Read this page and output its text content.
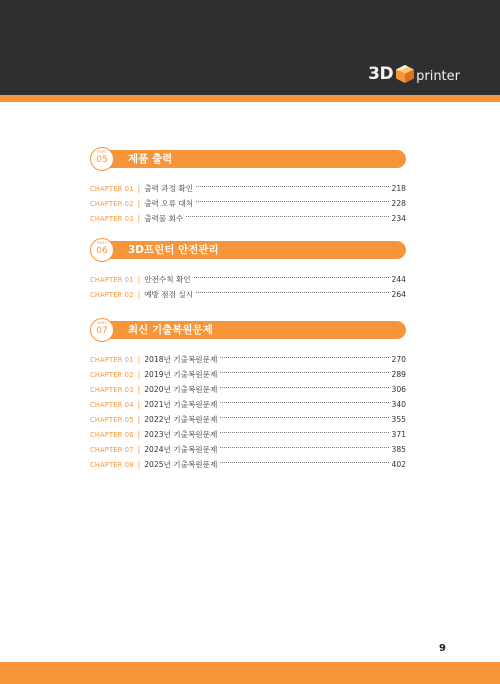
3D printer
PART
05	제품 출력
CHAPTER 01 | 출력 과정 확인	218
CHAPTER 02 | 출력 오류 대처	228
CHAPTER 03 | 출력물 회수	234
PART
06	3D프린터 안전관리
CHAPTER 01 | 안전수칙 확인	244
CHAPTER 02 | 예방 점검 실시	264
PART
07	최신 기출복원문제
CHAPTER 01 | 2018년 기출복원문제	270
CHAPTER 02 | 2019년 기출복원문제	289
CHAPTER 03 | 2020년 기출복원문제	306
CHAPTER 04 | 2021년 기출복원문제	340
CHAPTER 05 | 2022년 기출복원문제	355
CHAPTER 06 | 2023년 기출복원문제	371
CHAPTER 07 | 2024년 기출복원문제	385
CHAPTER 08 | 2025년 기출복원문제	402
9
